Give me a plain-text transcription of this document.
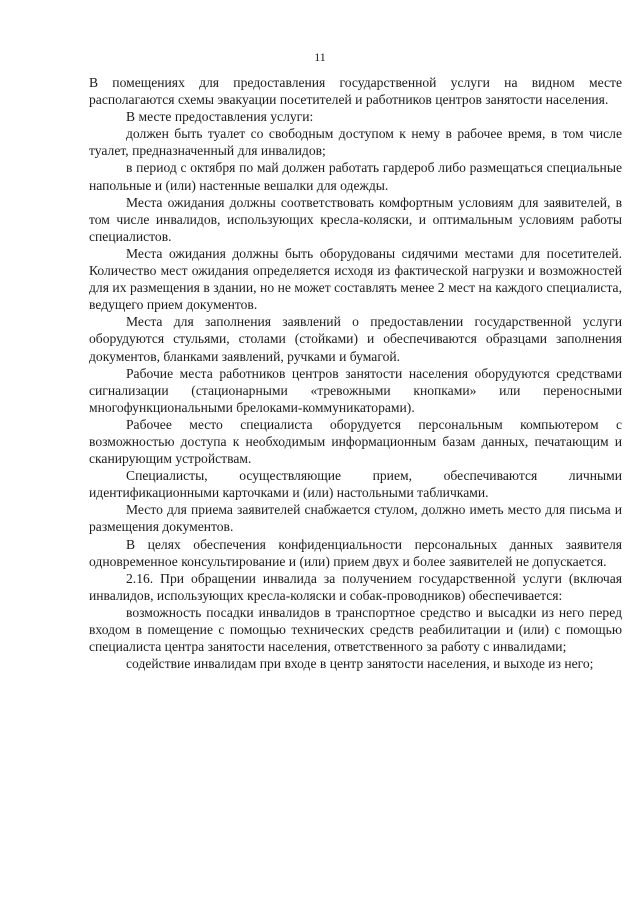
11

В помещениях для предоставления государственной услуги на видном месте располагаются схемы эвакуации посетителей и работников центров занятости населения.

В месте предоставления услуги:

должен быть туалет со свободным доступом к нему в рабочее время, в том числе туалет, предназначенный для инвалидов;

в период с октября по май должен работать гардероб либо размещаться специальные напольные и (или) настенные вешалки для одежды.

Места ожидания должны соответствовать комфортным условиям для заявителей, в том числе инвалидов, использующих кресла-коляски, и оптимальным условиям работы специалистов.

Места ожидания должны быть оборудованы сидячими местами для посетителей. Количество мест ожидания определяется исходя из фактической нагрузки и возможностей для их размещения в здании, но не может составлять менее 2 мест на каждого специалиста, ведущего прием документов.

Места для заполнения заявлений о предоставлении государственной услуги оборудуются стульями, столами (стойками) и обеспечиваются образцами заполнения документов, бланками заявлений, ручками и бумагой.

Рабочие места работников центров занятости населения оборудуются средствами сигнализации (стационарными «тревожными кнопками» или переносными многофункциональными брелоками-коммуникаторами).

Рабочее место специалиста оборудуется персональным компьютером с возможностью доступа к необходимым информационным базам данных, печатающим и сканирующим устройствам.

Специалисты, осуществляющие прием, обеспечиваются личными идентификационными карточками и (или) настольными табличками.

Место для приема заявителей снабжается стулом, должно иметь место для письма и размещения документов.

В целях обеспечения конфиденциальности персональных данных заявителя одновременное консультирование и (или) прием двух и более заявителей не допускается.

2.16. При обращении инвалида за получением государственной услуги (включая инвалидов, использующих кресла-коляски и собак-проводников) обеспечивается:

возможность посадки инвалидов в транспортное средство и высадки из него перед входом в помещение с помощью технических средств реабилитации и (или) с помощью специалиста центра занятости населения, ответственного за работу с инвалидами;

содействие инвалидам при входе в центр занятости населения, и выходе из него;
